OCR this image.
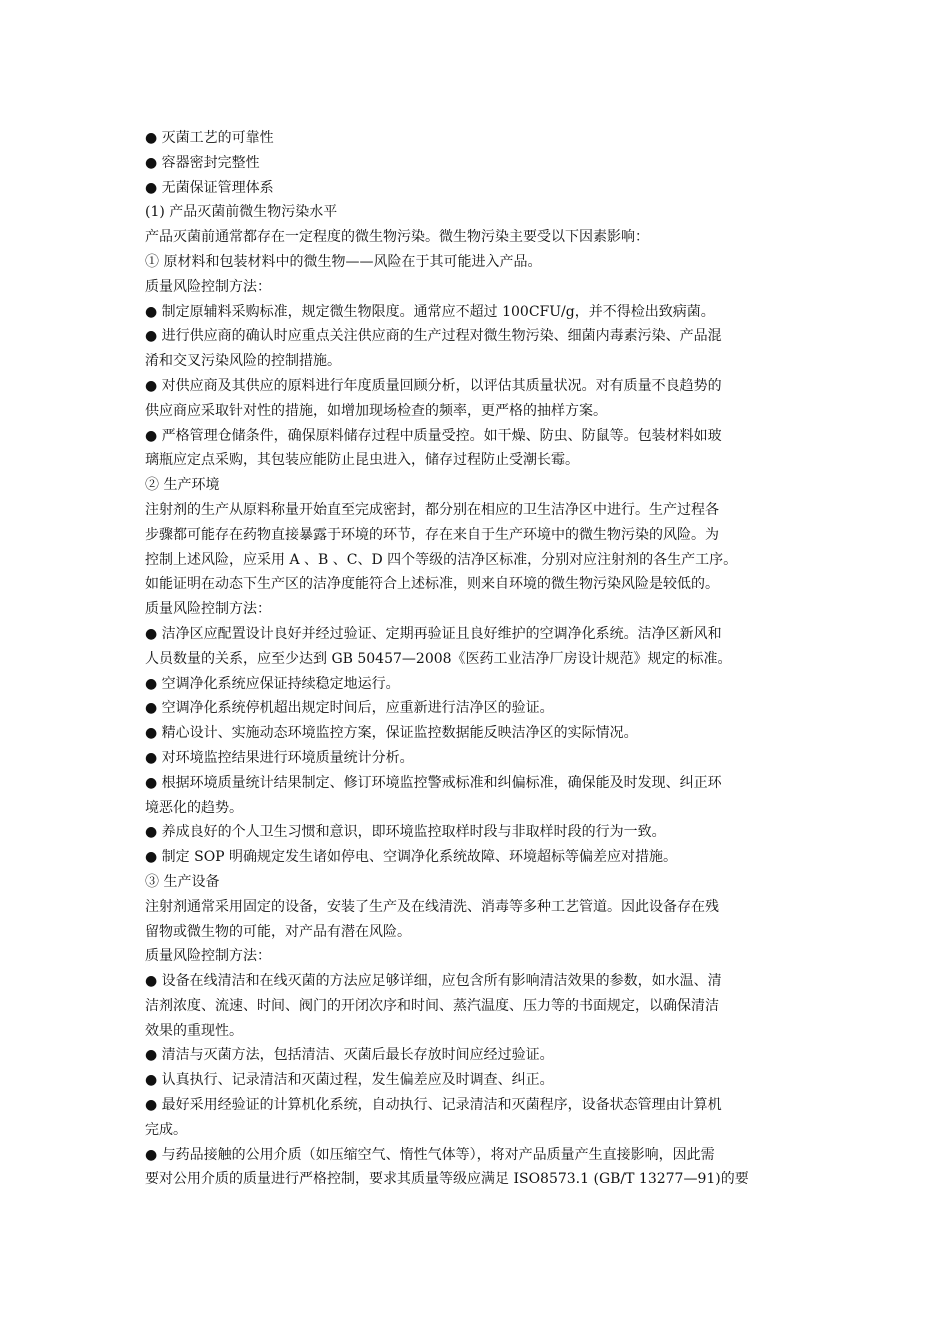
● 灭菌工艺的可靠性
● 容器密封完整性
● 无菌保证管理体系
(1) 产品灭菌前微生物污染水平
产品灭菌前通常都存在一定程度的微生物污染。微生物污染主要受以下因素影响：
① 原材料和包装材料中的微生物——风险在于其可能进入产品。
质量风险控制方法：
● 制定原辅料采购标准，规定微生物限度。通常应不超过 100CFU/g，并不得检出致病菌。
● 进行供应商的确认时应重点关注供应商的生产过程对微生物污染、细菌内毒素污染、产品混
淆和交叉污染风险的控制措施。
● 对供应商及其供应的原料进行年度质量回顾分析，以评估其质量状况。对有质量不良趋势的
供应商应采取针对性的措施，如增加现场检查的频率，更严格的抽样方案。
● 严格管理仓储条件，确保原料储存过程中质量受控。如干燥、防虫、防鼠等。包装材料如玻
璃瓶应定点采购，其包装应能防止昆虫进入，储存过程防止受潮长霉。
② 生产环境
注射剂的生产从原料称量开始直至完成密封，都分别在相应的卫生洁净区中进行。生产过程各
步骤都可能存在药物直接暴露于环境的环节，存在来自于生产环境中的微生物污染的风险。为
控制上述风险，应采用 A 、B 、C、D 四个等级的洁净区标准，分别对应注射剂的各生产工序。
如能证明在动态下生产区的洁净度能符合上述标准，则来自环境的微生物污染风险是较低的。
质量风险控制方法：
● 洁净区应配置设计良好并经过验证、定期再验证且良好维护的空调净化系统。洁净区新风和
人员数量的关系，应至少达到 GB 50457—2008《医药工业洁净厂房设计规范》规定的标准。
● 空调净化系统应保证持续稳定地运行。
● 空调净化系统停机超出规定时间后，应重新进行洁净区的验证。
● 精心设计、实施动态环境监控方案，保证监控数据能反映洁净区的实际情况。
● 对环境监控结果进行环境质量统计分析。
● 根据环境质量统计结果制定、修订环境监控警戒标准和纠偏标准，确保能及时发现、纠正环
境恶化的趋势。
● 养成良好的个人卫生习惯和意识，即环境监控取样时段与非取样时段的行为一致。
● 制定 SOP 明确规定发生诸如停电、空调净化系统故障、环境超标等偏差应对措施。
③ 生产设备
注射剂通常采用固定的设备，安装了生产及在线清洗、消毒等多种工艺管道。因此设备存在残
留物或微生物的可能，对产品有潜在风险。
质量风险控制方法：
● 设备在线清洁和在线灭菌的方法应足够详细，应包含所有影响清洁效果的参数，如水温、清
洁剂浓度、流速、时间、阀门的开闭次序和时间、蒸汽温度、压力等的书面规定，以确保清洁
效果的重现性。
● 清洁与灭菌方法，包括清洁、灭菌后最长存放时间应经过验证。
● 认真执行、记录清洁和灭菌过程，发生偏差应及时调查、纠正。
● 最好采用经验证的计算机化系统，自动执行、记录清洁和灭菌程序，设备状态管理由计算机
完成。
● 与药品接触的公用介质（如压缩空气、惰性气体等），将对产品质量产生直接影响，因此需
要对公用介质的质量进行严格控制，要求其质量等级应满足 ISO8573.1 (GB/T 13277—91)的要
